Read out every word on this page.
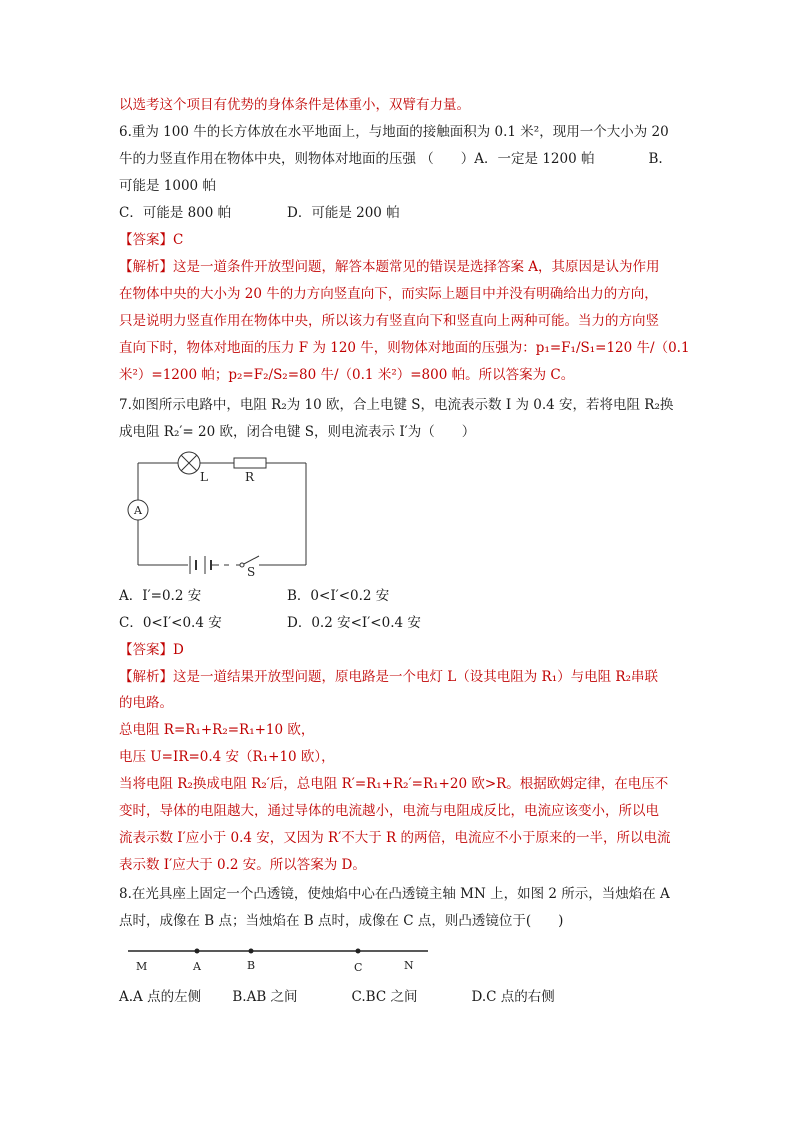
以选考这个项目有优势的身体条件是体重小，双臂有力量。
6.重为 100 牛的长方体放在水平地面上，与地面的接触面积为 0.1 米²，现用一个大小为 20
牛的力竖直作用在物体中央，则物体对地面的压强 （　　）A．一定是 1200 帕　　　　B.
可能是 1000 帕
C．可能是 800 帕	D．可能是 200 帕
【答案】C
【解析】这是一道条件开放型问题，解答本题常见的错误是选择答案 A，其原因是认为作用
在物体中央的大小为 20 牛的力方向竖直向下，而实际上题目中并没有明确给出力的方向，
只是说明力竖直作用在物体中央，所以该力有竖直向下和竖直向上两种可能。当力的方向竖
直向下时，物体对地面的压力 F 为 120 牛，则物体对地面的压强为：p₁=F₁/S₁=120 牛/（0.1
米²）=1200 帕；p₂=F₂/S₂=80 牛/（0.1 米²）=800 帕。所以答案为 C。
7.如图所示电路中，电阻 R₂为 10 欧，合上电键 S，电流表示数 I 为 0.4 安，若将电阻 R₂换
成电阻 R₂′= 20 欧，闭合电键 S，则电流表示 I′为（　　）
L	R
A
S
A．I′=0.2 安	B．0<I′<0.2 安
C．0<I′<0.4 安	D．0.2 安<I′<0.4 安
【答案】D
【解析】这是一道结果开放型问题，原电路是一个电灯 L（设其电阻为 R₁）与电阻 R₂串联
的电路。
总电阻 R=R₁+R₂=R₁+10 欧，
电压 U=IR=0.4 安（R₁+10 欧），
当将电阻 R₂换成电阻 R₂′后，总电阻 R′=R₁+R₂′=R₁+20 欧>R。根据欧姆定律，在电压不
变时，导体的电阻越大，通过导体的电流越小，电流与电阻成反比，电流应该变小，所以电
流表示数 I′应小于 0.4 安，又因为 R′不大于 R 的两倍，电流应不小于原来的一半，所以电流
表示数 I′应大于 0.2 安。所以答案为 D。
8.在光具座上固定一个凸透镜，使烛焰中心在凸透镜主轴 MN 上，如图 2 所示，当烛焰在 A
点时，成像在 B 点；当烛焰在 B 点时，成像在 C 点，则凸透镜位于(　　)
M	A	B	C	N
A.A 点的左侧　　 B.AB 之间　　　　C.BC 之间　　　　D.C 点的右侧
